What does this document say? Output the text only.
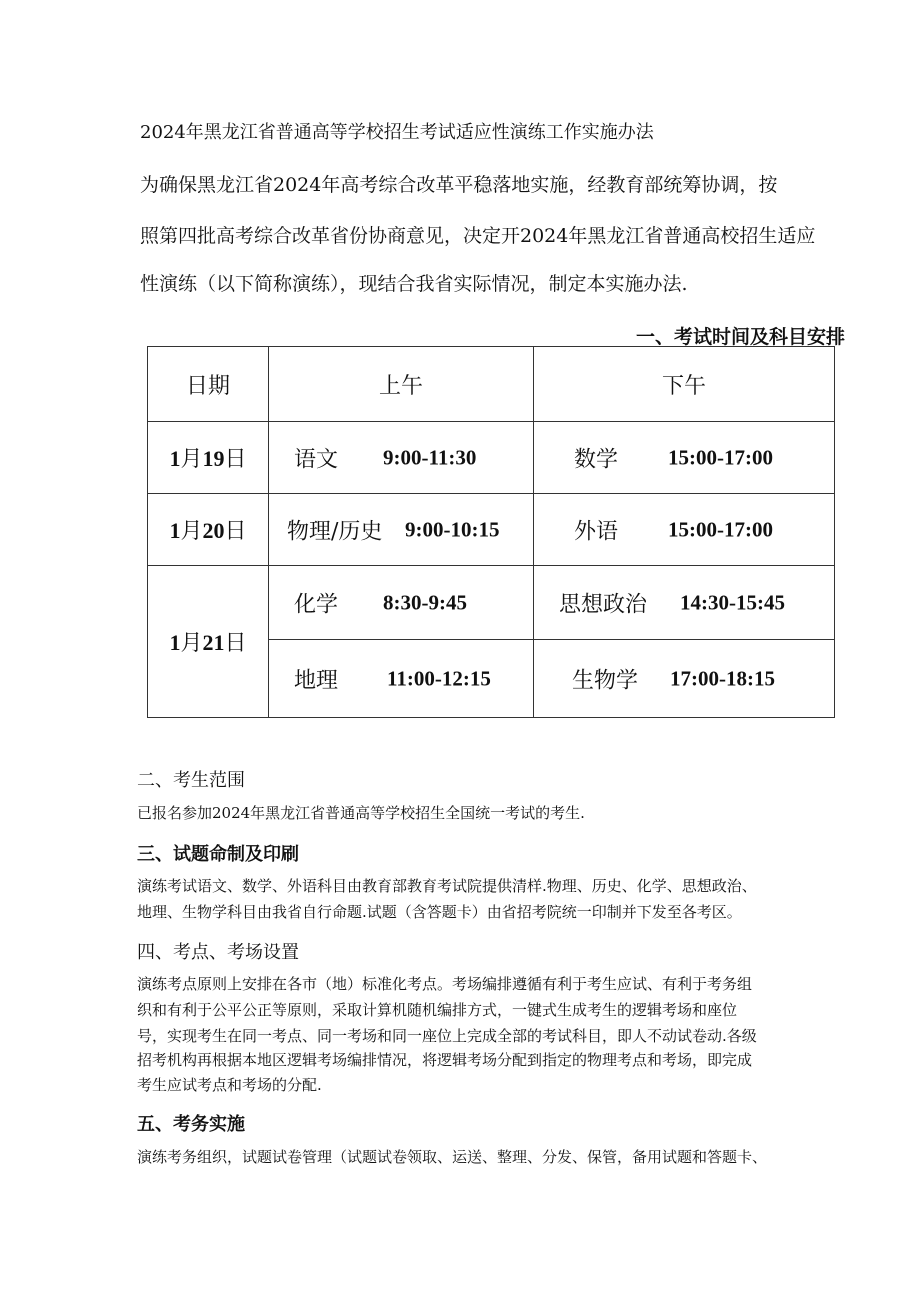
2024年黑龙江省普通高等学校招生考试适应性演练工作实施办法
为确保黑龙江省2024年高考综合改革平稳落地实施，经教育部统筹协调，按
照第四批高考综合改革省份协商意见，决定开2024年黑龙江省普通高校招生适应
性演练（以下简称演练），现结合我省实际情况，制定本实施办法.
一、考试时间及科目安排
日期	上午	下午
1月19日	语文 9:00-11:30	数学 15:00-17:00

1月20日	物理/历史 9:00-10:15	外语 15:00-17:00

1月21日	化学 8:30-9:45	思想政治 14:30-15:45

	地理 11:00-12:15	生物学 17:00-18:15
二、考生范围
已报名参加2024年黑龙江省普通高等学校招生全国统一考试的考生.
三、试题命制及印刷
演练考试语文、数学、外语科目由教育部教育考试院提供清样.物理、历史、化学、思想政治、
地理、生物学科目由我省自行命题.试题（含答题卡）由省招考院统一印制并下发至各考区。
四、考点、考场设置
演练考点原则上安排在各市（地）标准化考点。考场编排遵循有利于考生应试、有利于考务组
织和有利于公平公正等原则，采取计算机随机编排方式，一键式生成考生的逻辑考场和座位
号，实现考生在同一考点、同一考场和同一座位上完成全部的考试科目，即人不动试卷动.各级
招考机构再根据本地区逻辑考场编排情况，将逻辑考场分配到指定的物理考点和考场，即完成
考生应试考点和考场的分配.
五、考务实施
演练考务组织，试题试卷管理（试题试卷领取、运送、整理、分发、保管，备用试题和答题卡、
